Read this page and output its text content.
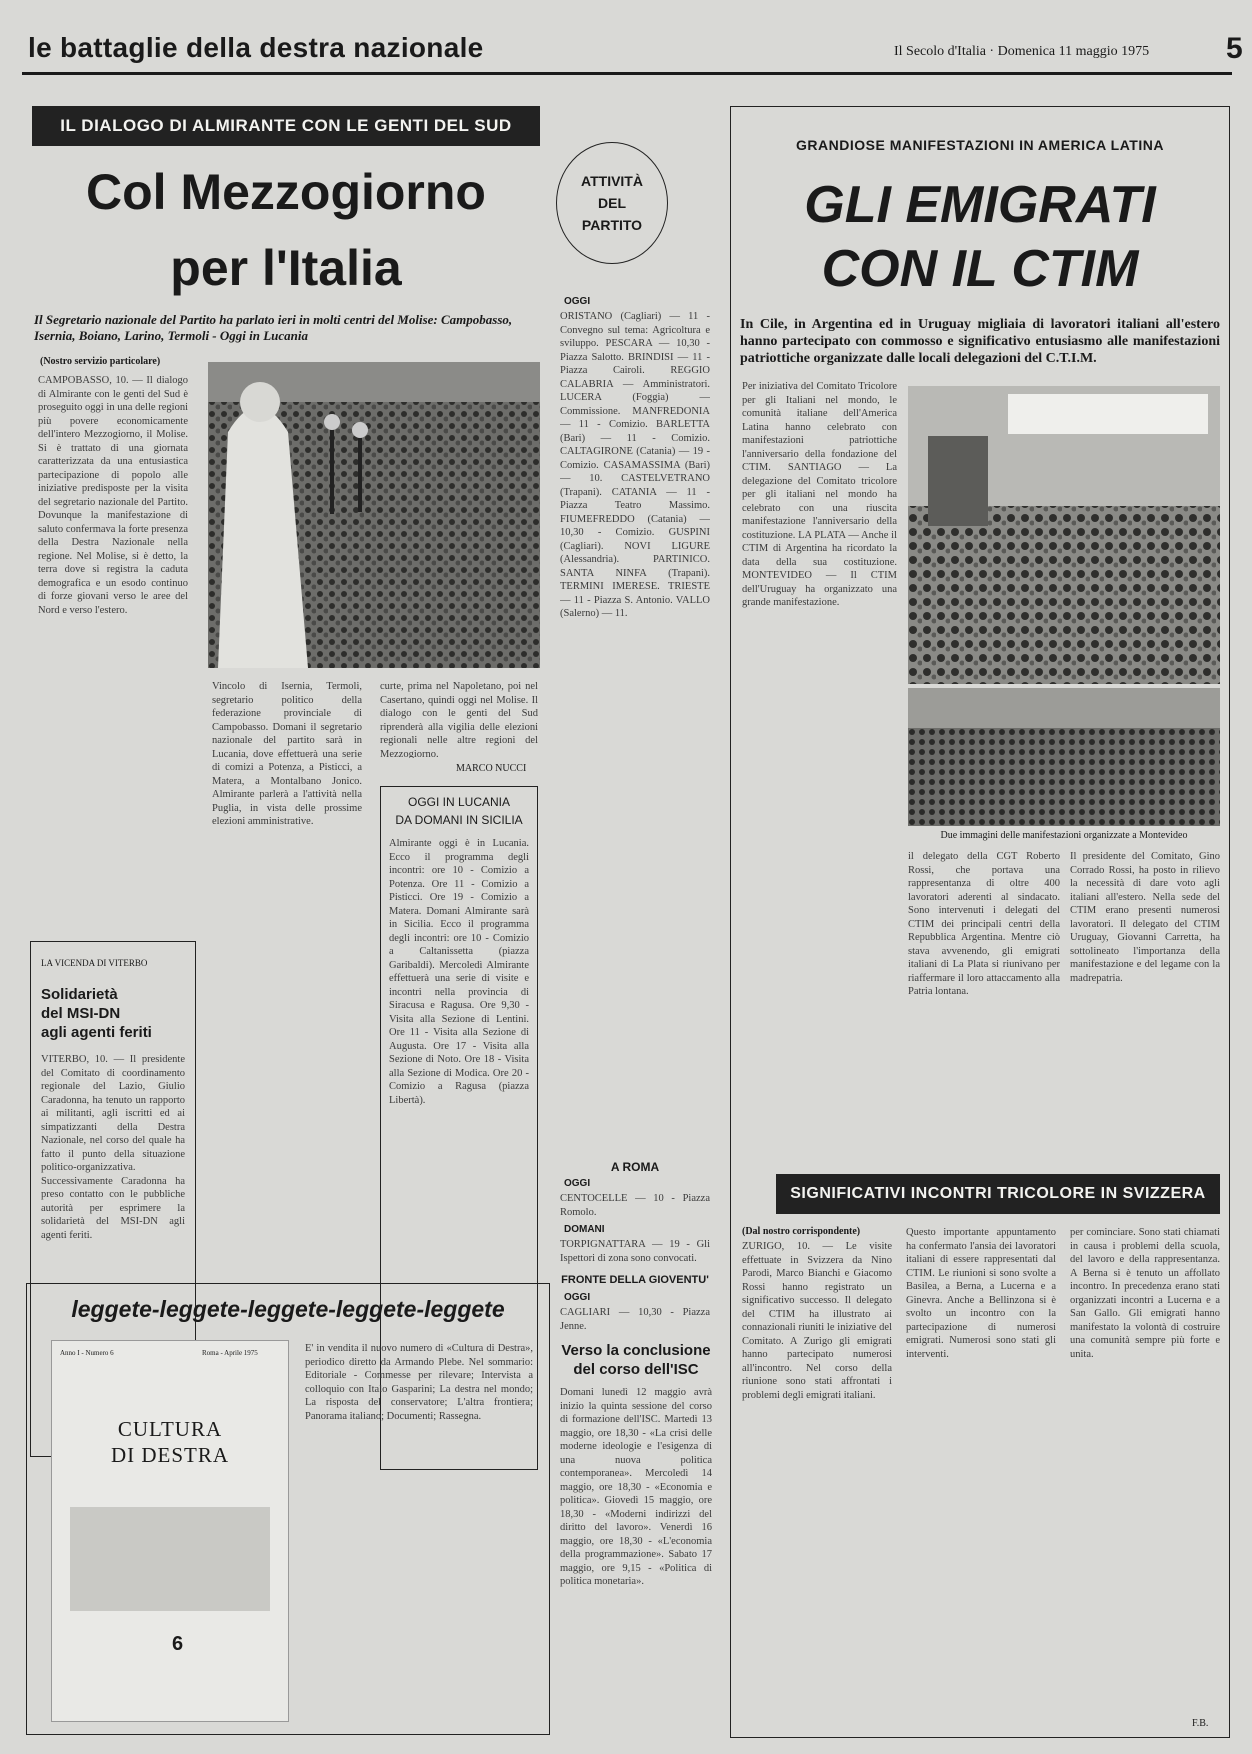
le battaglie della destra nazionale	Il Secolo d'Italia · Domenica 11 maggio 1975	5
IL DIALOGO DI ALMIRANTE CON LE GENTI DEL SUD
Col Mezzogiorno
per l'Italia
Il Segretario nazionale del Partito ha parlato ieri in molti centri del Molise: Campobasso, Isernia, Boiano, Larino, Termoli - Oggi in Lucania
(Nostro servizio particolare)
CAMPOBASSO, 10. — Il dialogo di Almirante con le genti del Sud è proseguito oggi in una delle regioni più povere economicamente dell'intero Mezzogiorno, il Molise. Si è trattato di una giornata caratterizzata da una entusiastica partecipazione di popolo alle iniziative predisposte per la visita del segretario nazionale del Partito. Dovunque la manifestazione di saluto confermava la forte presenza della Destra Nazionale nella regione. Nel Molise, si è detto, la terra dove si registra la caduta demografica e un esodo continuo di forze giovani verso le aree del Nord e verso l'estero.
Vincolo di Isernia, Termoli, segretario politico della federazione provinciale di Campobasso. Domani il segretario nazionale del partito sarà in Lucania, dove effettuerà una serie di comizi a Potenza, a Pisticci, a Matera, a Montalbano Jonico. Almirante parlerà a l'attività nella Puglia, in vista delle prossime elezioni amministrative.
curte, prima nel Napoletano, poi nel Casertano, quindi oggi nel Molise. Il dialogo con le genti del Sud riprenderà alla vigilia delle elezioni regionali nelle altre regioni del Mezzogiorno.
MARCO NUCCI
OGGI IN LUCANIA
DA DOMANI IN SICILIA
Almirante oggi è in Lucania. Ecco il programma degli incontri: ore 10 - Comizio a Potenza. Ore 11 - Comizio a Pisticci. Ore 19 - Comizio a Matera. Domani Almirante sarà in Sicilia. Ecco il programma degli incontri: ore 10 - Comizio a Caltanissetta (piazza Garibaldi). Mercoledì Almirante effettuerà una serie di visite e incontri nella provincia di Siracusa e Ragusa. Ore 9,30 - Visita alla Sezione di Lentini. Ore 11 - Visita alla Sezione di Augusta. Ore 17 - Visita alla Sezione di Noto. Ore 18 - Visita alla Sezione di Modica. Ore 20 - Comizio a Ragusa (piazza Libertà).
LA VICENDA DI VITERBO
Solidarietà
del MSI-DN
agli agenti feriti
VITERBO, 10. — Il presidente del Comitato di coordinamento regionale del Lazio, Giulio Caradonna, ha tenuto un rapporto ai militanti, agli iscritti ed ai simpatizzanti della Destra Nazionale, nel corso del quale ha fatto il punto della situazione politico-organizzativa. Successivamente Caradonna ha preso contatto con le pubbliche autorità per esprimere la solidarietà del MSI-DN agli agenti feriti.
leggete-leggete-leggete-leggete-leggete
Anno I - Numero 6	Roma - Aprile 1975
CULTURA
DI DESTRA
6
E' in vendita il nuovo numero di «Cultura di Destra», periodico diretto da Armando Plebe. Nel sommario: Editoriale - Commesse per rilevare; Intervista a colloquio con Italo Gasparini; La destra nel mondo; La risposta del conservatore; L'altra frontiera; Panorama italiano; Documenti; Rassegna.
ATTIVITÀ
DEL
PARTITO
OGGI
ORISTANO (Cagliari) — 11 - Convegno sul tema: Agricoltura e sviluppo. PESCARA — 10,30 - Piazza Salotto. BRINDISI — 11 - Piazza Cairoli. REGGIO CALABRIA — Amministratori. LUCERA (Foggia) — Commissione. MANFREDONIA — 11 - Comizio. BARLETTA (Bari) — 11 - Comizio. CALTAGIRONE (Catania) — 19 - Comizio. CASAMASSIMA (Bari) — 10. CASTELVETRANO (Trapani). CATANIA — 11 - Piazza Teatro Massimo. FIUMEFREDDO (Catania) — 10,30 - Comizio. GUSPINI (Cagliari). NOVI LIGURE (Alessandria). PARTINICO. SANTA NINFA (Trapani). TERMINI IMERESE. TRIESTE — 11 - Piazza S. Antonio. VALLO (Salerno) — 11.
A ROMA
OGGI
CENTOCELLE — 10 - Piazza Romolo.
DOMANI
TORPIGNATTARA — 19 - Gli Ispettori di zona sono convocati.
FRONTE DELLA GIOVENTU'
OGGI
CAGLIARI — 10,30 - Piazza Jenne.
Verso la conclusione
del corso dell'ISC
Domani lunedì 12 maggio avrà inizio la quinta sessione del corso di formazione dell'ISC. Martedì 13 maggio, ore 18,30 - «La crisi delle moderne ideologie e l'esigenza di una nuova politica contemporanea». Mercoledì 14 maggio, ore 18,30 - «Economia e politica». Giovedì 15 maggio, ore 18,30 - «Moderni indirizzi del diritto del lavoro». Venerdì 16 maggio, ore 18,30 - «L'economia della programmazione». Sabato 17 maggio, ore 9,15 - «Politica di politica monetaria».
GRANDIOSE MANIFESTAZIONI IN AMERICA LATINA
GLI EMIGRATI
CON IL CTIM
In Cile, in Argentina ed in Uruguay migliaia di lavoratori italiani all'estero hanno partecipato con commosso e significativo entusiasmo alle manifestazioni patriottiche organizzate dalle locali delegazioni del C.T.I.M.
Per iniziativa del Comitato Tricolore per gli Italiani nel mondo, le comunità italiane dell'America Latina hanno celebrato con manifestazioni patriottiche l'anniversario della fondazione del CTIM. SANTIAGO — La delegazione del Comitato tricolore per gli italiani nel mondo ha celebrato con una riuscita manifestazione l'anniversario della costituzione. LA PLATA — Anche il CTIM di Argentina ha ricordato la data della sua costituzione. MONTEVIDEO — Il CTIM dell'Uruguay ha organizzato una grande manifestazione.
Due immagini delle manifestazioni organizzate a Montevideo
il delegato della CGT Roberto Rossi, che portava una rappresentanza di oltre 400 lavoratori aderenti al sindacato. Sono intervenuti i delegati del CTIM dei principali centri della Repubblica Argentina. Mentre ciò stava avvenendo, gli emigrati italiani di La Plata si riunivano per riaffermare il loro attaccamento alla Patria lontana.
Il presidente del Comitato, Gino Corrado Rossi, ha posto in rilievo la necessità di dare voto agli italiani all'estero. Nella sede del CTIM erano presenti numerosi lavoratori. Il delegato del CTIM Uruguay, Giovanni Carretta, ha sottolineato l'importanza della manifestazione e del legame con la madrepatria.
SIGNIFICATIVI INCONTRI TRICOLORE IN SVIZZERA
(Dal nostro corrispondente)
ZURIGO, 10. — Le visite effettuate in Svizzera da Nino Parodi, Marco Bianchi e Giacomo Rossi hanno registrato un significativo successo. Il delegato del CTIM ha illustrato ai connazionali riuniti le iniziative del Comitato. A Zurigo gli emigrati hanno partecipato numerosi all'incontro. Nel corso della riunione sono stati affrontati i problemi degli emigrati italiani.
Questo importante appuntamento ha confermato l'ansia dei lavoratori italiani di essere rappresentati dal CTIM. Le riunioni si sono svolte a Basilea, a Berna, a Lucerna e a Ginevra. Anche a Bellinzona si è svolto un incontro con la partecipazione di numerosi emigrati. Numerosi sono stati gli interventi.
per cominciare. Sono stati chiamati in causa i problemi della scuola, del lavoro e della rappresentanza. A Berna si è tenuto un affollato incontro. In precedenza erano stati organizzati incontri a Lucerna e a San Gallo. Gli emigrati hanno manifestato la volontà di costruire una comunità sempre più forte e unita.
F.B.
